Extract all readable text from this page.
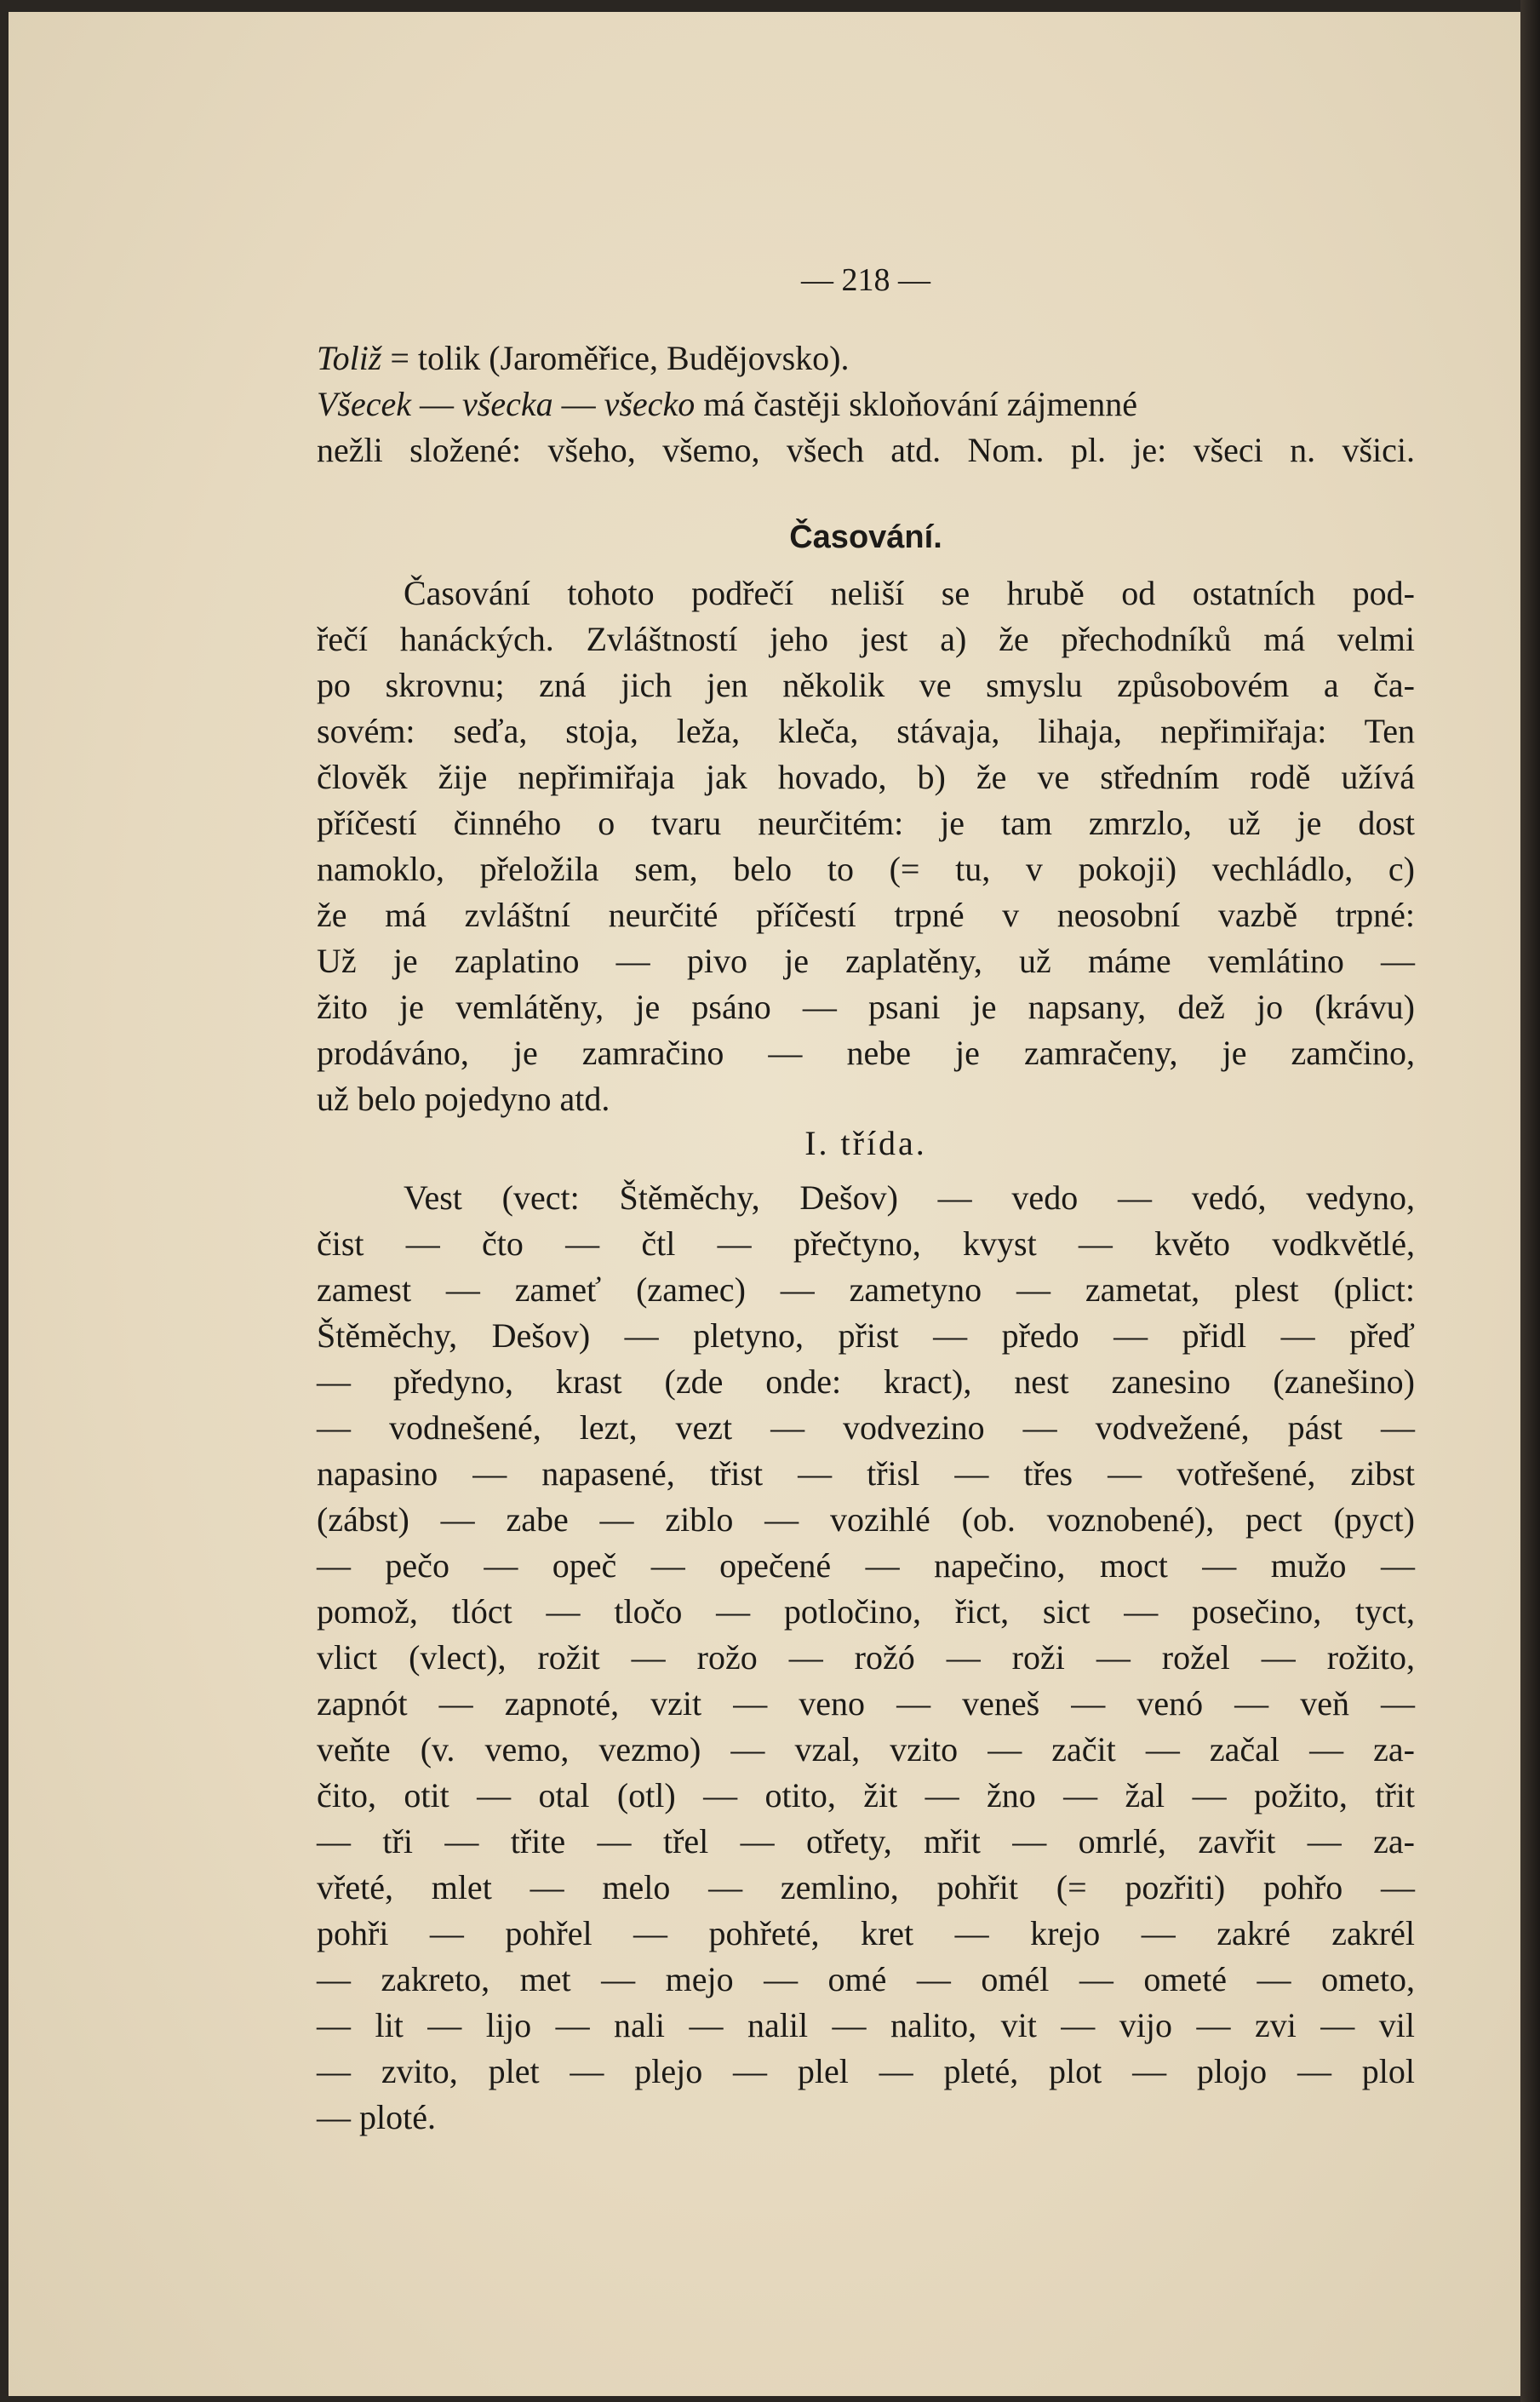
— 218 —
Toliž = tolik (Jaroměřice, Budějovsko).
Všecek — všecka — všecko má častěji skloňování zájmenné
nežli složené: všeho, všemo, všech atd. Nom. pl. je: všeci n. všici.
Časování.
Časování tohoto podřečí neliší se hrubě od ostatních pod-
řečí hanáckých. Zvláštností jeho jest a) že přechodníků má velmi
po skrovnu; zná jich jen několik ve smyslu způsobovém a ča-
sovém: seďa, stoja, leža, kleča, stávaja, lihaja, nepřimiřaja: Ten
člověk žije nepřimiřaja jak hovado, b) že ve středním rodě užívá
příčestí činného o tvaru neurčitém: je tam zmrzlo, už je dost
namoklo, přeložila sem, belo to (= tu, v pokoji) vechládlo, c)
že má zvláštní neurčité příčestí trpné v neosobní vazbě trpné:
Už je zaplatino — pivo je zaplatěny, už máme vemlátino —
žito je vemlátěny, je psáno — psani je napsany, dež jo (krávu)
prodáváno, je zamračino — nebe je zamračeny, je zamčino,
už belo pojedyno atd.
I. třída.
Vest (vect: Štěměchy, Dešov) — vedo — vedó, vedyno,
čist — čto — čtl — přečtyno, kvyst — květo vodkvětlé,
zamest — zameť (zamec) — zametyno — zametat, plest (plict:
Štěměchy, Dešov) — pletyno, přist — předo — přidl — přeď
— předyno, krast (zde onde: kract), nest zanesino (zanešino)
— vodnešené, lezt, vezt — vodvezino — vodvežené, pást —
napasino — napasené, třist — třisl — třes — votřešené, zibst
(zábst) — zabe — ziblo — vozihlé (ob. voznobené), pect (pyct)
— pečo — opeč — opečené — napečino, moct — mužo —
pomož, tlóct — tločo — potločino, řict, sict — posečino, tyct,
vlict (vlect), rožit — rožo — rožó — roži — rožel — rožito,
zapnót — zapnoté, vzit — veno — veneš — venó — veň —
veňte (v. vemo, vezmo) — vzal, vzito — začit — začal — za-
čito, otit — otal (otl) — otito, žit — žno — žal — požito, třit
— tři — třite — třel — otřety, mřit — omrlé, zavřit — za-
vřeté, mlet — melo — zemlino, pohřit (= pozřiti) pohřo —
pohři — pohřel — pohřeté, kret — krejo — zakré zakrél
— zakreto, met — mejo — omé — omél — ometé — ometo,
— lit — lijo — nali — nalil — nalito, vit — vijo — zvi — vil
— zvito, plet — plejo — plel — pleté, plot — plojo — plol
— ploté.
